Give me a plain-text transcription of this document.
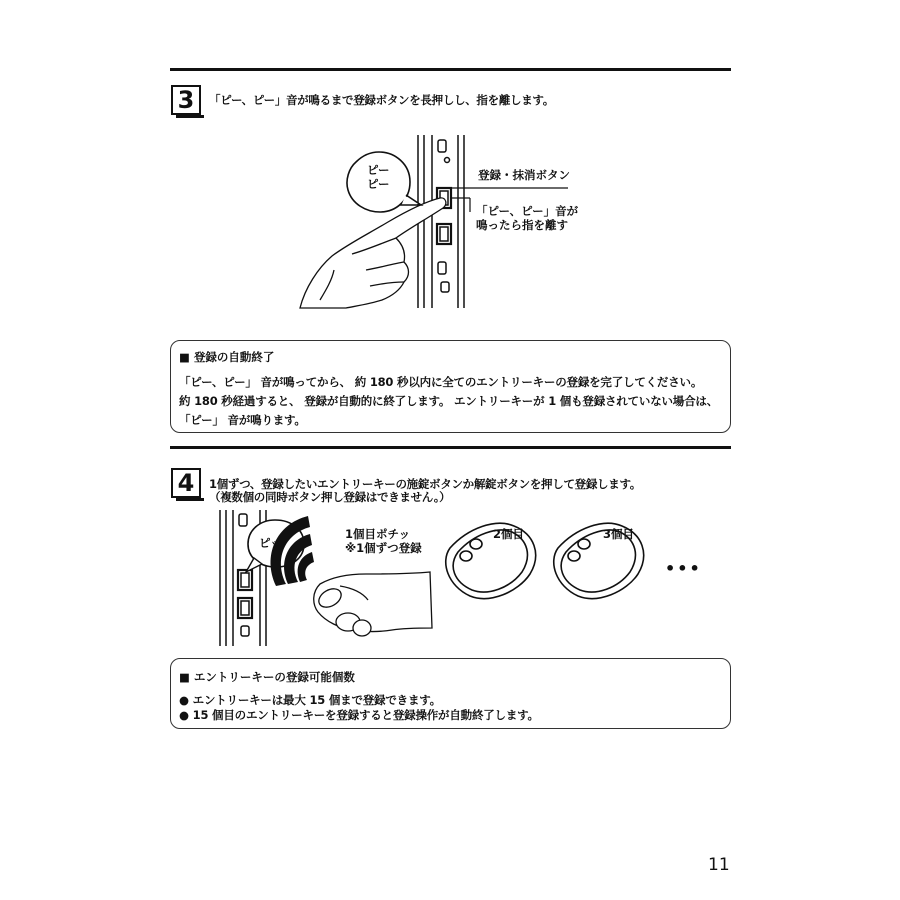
3	「ピー、ピー」音が鳴るまで登録ボタンを長押しし、指を離します。
ピー
ピー
登録・抹消ボタン
「ピー、ピー」音が
鳴ったら指を離す
■ 登録の自動終了
「ピー、ピー」 音が鳴ってから、 約 180 秒以内に全てのエントリーキーの登録を完了してください。
約 180 秒経過すると、 登録が自動的に終了します。 エントリーキーが 1 個も登録されていない場合は、
「ピー」 音が鳴ります。
4	1個ずつ、登録したいエントリーキーの施錠ボタンか解錠ボタンを押して登録します。
（複数個の同時ボタン押し登録はできません。）
ピッ
1個目ポチッ
※1個ずつ登録
2個目	3個目
•••
■ エントリーキーの登録可能個数
● エントリーキーは最大 15 個まで登録できます。
● 15 個目のエントリーキーを登録すると登録操作が自動終了します。
11
